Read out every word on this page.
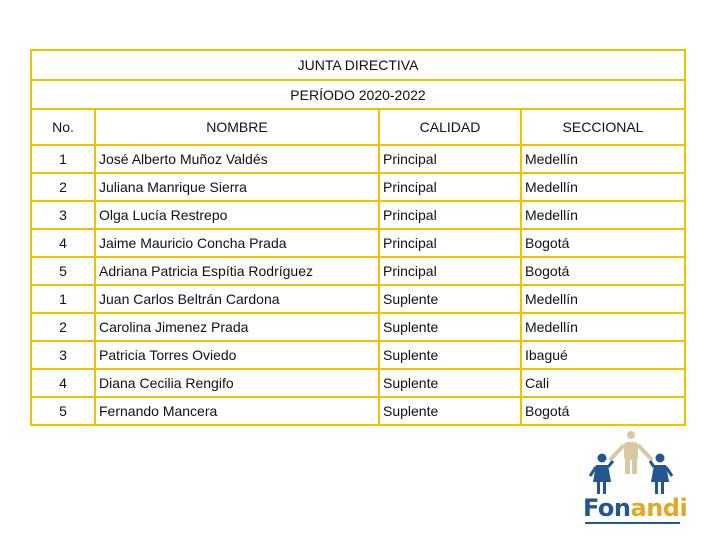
JUNTA DIRECTIVA			
PERÍODO 2020-2022			
No.	NOMBRE	CALIDAD	SECCIONAL
1	José Alberto Muñoz Valdés	Principal	Medellín
2	Juliana Manrique Sierra	Principal	Medellín
3	Olga Lucía Restrepo	Principal	Medellín
4	Jaime Mauricio Concha Prada	Principal	Bogotá
5	Adriana Patricia Espítia Rodríguez	Principal	Bogotá
1	Juan Carlos Beltrán Cardona	Suplente	Medellín
2	Carolina Jimenez Prada	Suplente	Medellín
3	Patricia Torres Oviedo	Suplente	Ibagué
4	Diana Cecilia Rengifo	Suplente	Cali
5	Fernando Mancera	Suplente	Bogotá
Fonandi
